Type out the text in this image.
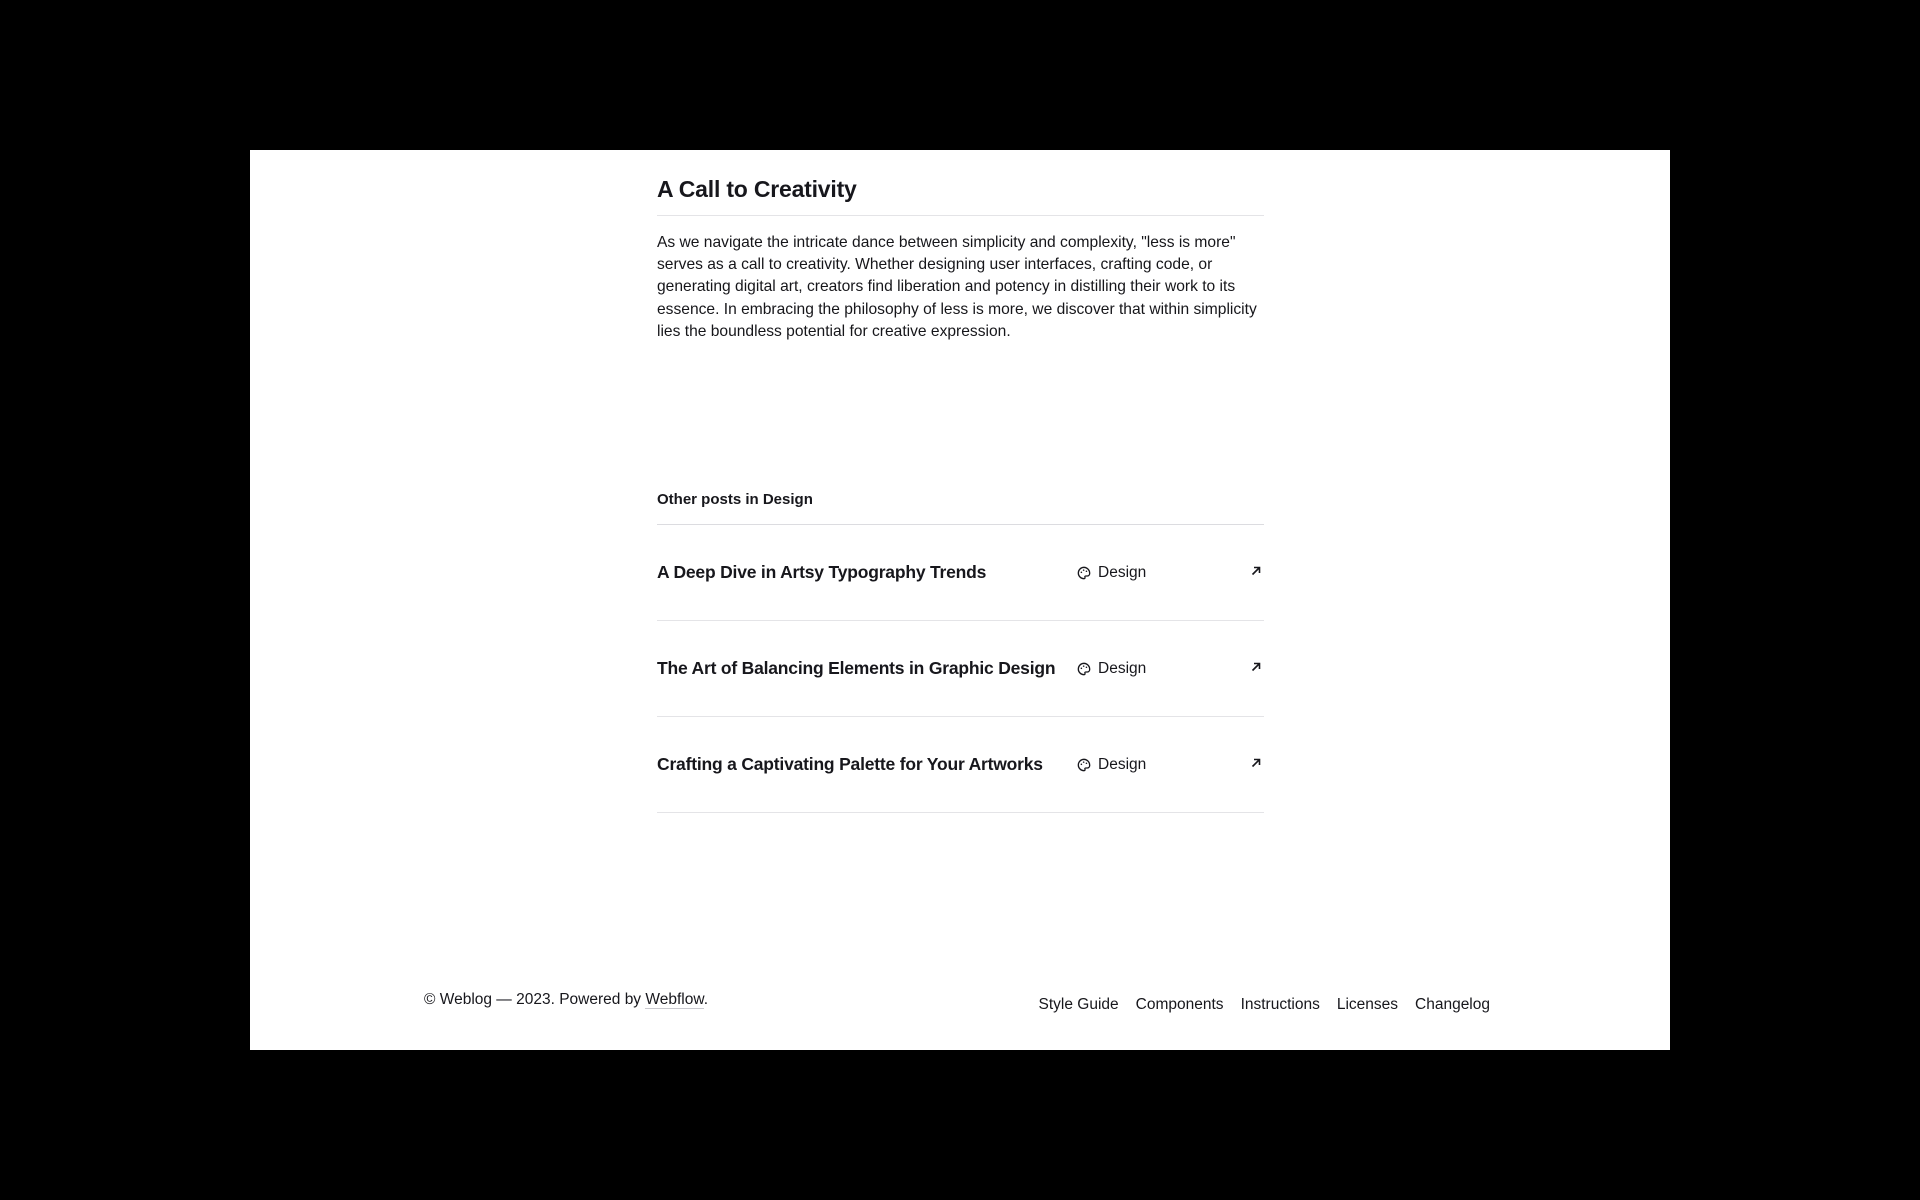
A Call to Creativity

As we navigate the intricate dance between simplicity and complexity, "less is more" serves as a call to creativity. Whether designing user interfaces, crafting code, or generating digital art, creators find liberation and potency in distilling their work to its essence. In embracing the philosophy of less is more, we discover that within simplicity lies the boundless potential for creative expression.

Other posts in Design
A Deep Dive in Artsy Typography Trends	Design
The Art of Balancing Elements in Graphic Design	Design
Crafting a Captivating Palette for Your Artworks	Design
© Weblog — 2023. Powered by Webflow.	Style Guide Components Instructions Licenses Changelog
